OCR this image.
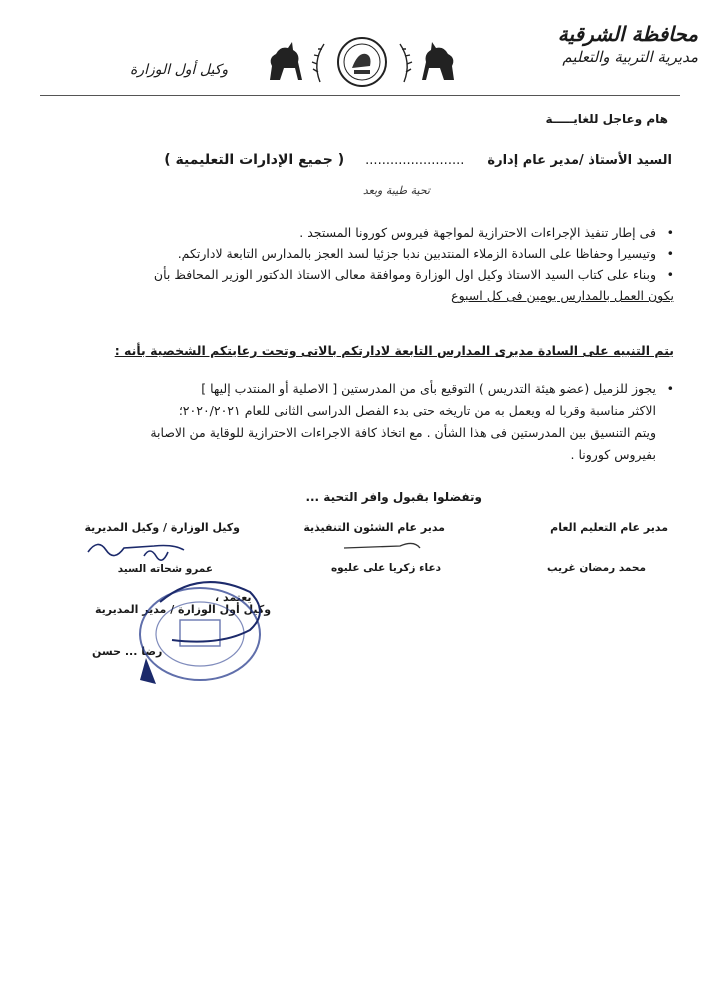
محافظة الشرقية
مديرية التربية والتعليم
وكيل أول الوزارة
هام وعاجل للغايـــــة
السيد الأستاذ /مدير عام إدارة  ........................  ( جميع الإدارات التعليمية )
تحية طيبة وبعد
•
فى إطار تنفيذ الإجراءات الاحترازية لمواجهة فيروس كورونا المستجد .
•
وتيسيرا وحفاظا على السادة الزملاء المنتدبين ندبا جزئيا لسد العجز بالمدارس التابعة لادارتكم.
•
وبناء على كتاب السيد الاستاذ وكيل اول الوزارة وموافقة معالى الاستاذ الدكتور الوزير المحافظ بأن
يكون العمل بالمدارس يومين فى كل اسبوع
يتم التنبيه على السادة مديرى المدارس التابعة لادارتكم بالاتى وتحت رعايتكم الشخصية بأنه :
•
يجوز للزميل (عضو هيئة التدريس ) التوقيع بأى من المدرستين [ الاصلية أو المنتدب إليها ]
الاكثر مناسبة وقربا له ويعمل به من تاريخه حتى بدء الفصل الدراسى الثانى للعام ٢٠٢٠/٢٠٢١؛
ويتم التنسيق بين المدرستين فى هذا الشأن . مع اتخاذ كافة الاجراءات الاحترازية للوقاية من الاصابة
بفيروس كورونا .
وتفضلوا بقبول وافر التحية ...
مدير عام التعليم العام
محمد رمضان غريب
مدير عام الشئون التنفيذية
دعاء زكريا على عليوه
وكيل الوزارة / وكيل المديرية
عمرو شحاته السيد
يعتمد ،
وكيل أول الوزارة / مدير المديرية
رضا ... حسن
